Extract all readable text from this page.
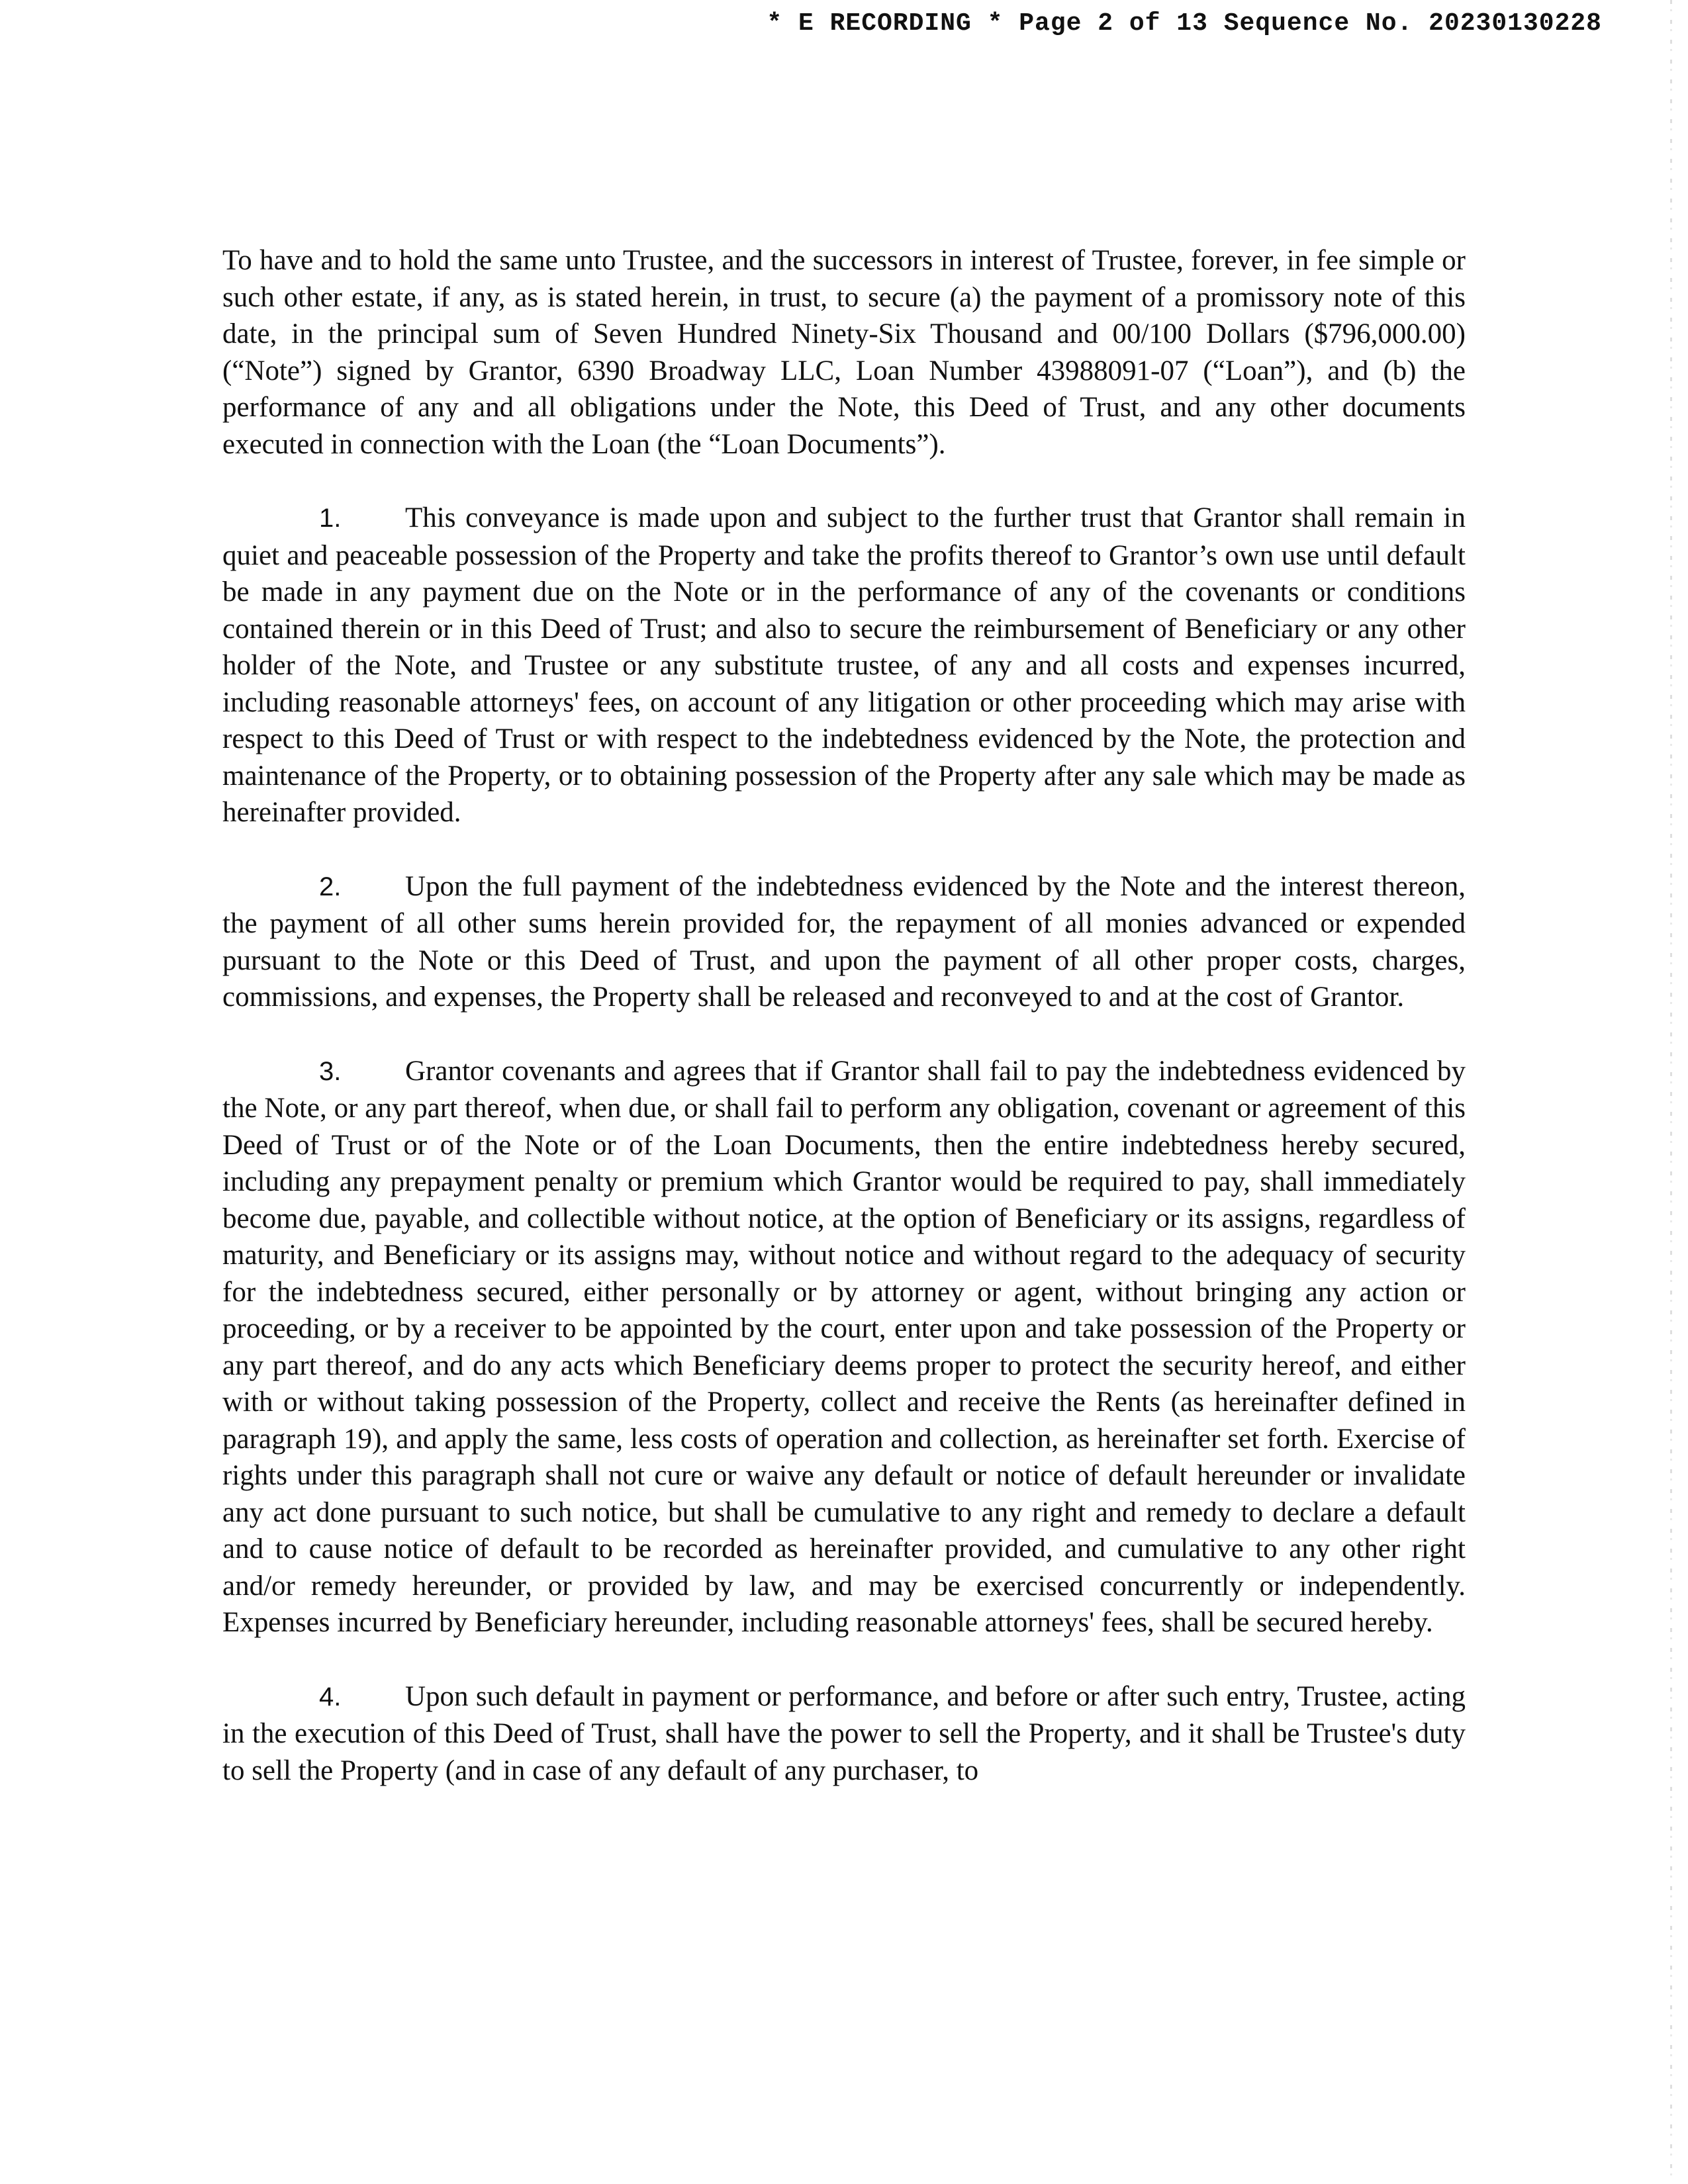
* E RECORDING * Page 2 of 13 Sequence No. 20230130228

To have and to hold the same unto Trustee, and the successors in interest of Trustee, forever, in fee simple or such other estate, if any, as is stated herein, in trust, to secure (a) the payment of a promissory note of this date, in the principal sum of Seven Hundred Ninety-Six Thousand and 00/100 Dollars ($796,000.00) (“Note”) signed by Grantor, 6390 Broadway LLC, Loan Number 43988091-07 (“Loan”), and (b) the performance of any and all obligations under the Note, this Deed of Trust, and any other documents executed in connection with the Loan (the “Loan Documents”).

1. This conveyance is made upon and subject to the further trust that Grantor shall remain in quiet and peaceable possession of the Property and take the profits thereof to Grantor’s own use until default be made in any payment due on the Note or in the performance of any of the covenants or conditions contained therein or in this Deed of Trust; and also to secure the reimbursement of Beneficiary or any other holder of the Note, and Trustee or any substitute trustee, of any and all costs and expenses incurred, including reasonable attorneys' fees, on account of any litigation or other proceeding which may arise with respect to this Deed of Trust or with respect to the indebtedness evidenced by the Note, the protection and maintenance of the Property, or to obtaining possession of the Property after any sale which may be made as hereinafter provided.

2. Upon the full payment of the indebtedness evidenced by the Note and the interest thereon, the payment of all other sums herein provided for, the repayment of all monies advanced or expended pursuant to the Note or this Deed of Trust, and upon the payment of all other proper costs, charges, commissions, and expenses, the Property shall be released and reconveyed to and at the cost of Grantor.

3. Grantor covenants and agrees that if Grantor shall fail to pay the indebtedness evidenced by the Note, or any part thereof, when due, or shall fail to perform any obligation, covenant or agreement of this Deed of Trust or of the Note or of the Loan Documents, then the entire indebtedness hereby secured, including any prepayment penalty or premium which Grantor would be required to pay, shall immediately become due, payable, and collectible without notice, at the option of Beneficiary or its assigns, regardless of maturity, and Beneficiary or its assigns may, without notice and without regard to the adequacy of security for the indebtedness secured, either personally or by attorney or agent, without bringing any action or proceeding, or by a receiver to be appointed by the court, enter upon and take possession of the Property or any part thereof, and do any acts which Beneficiary deems proper to protect the security hereof, and either with or without taking possession of the Property, collect and receive the Rents (as hereinafter defined in paragraph 19), and apply the same, less costs of operation and collection, as hereinafter set forth. Exercise of rights under this paragraph shall not cure or waive any default or notice of default hereunder or invalidate any act done pursuant to such notice, but shall be cumulative to any right and remedy to declare a default and to cause notice of default to be recorded as hereinafter provided, and cumulative to any other right and/or remedy hereunder, or provided by law, and may be exercised concurrently or independently. Expenses incurred by Beneficiary hereunder, including reasonable attorneys' fees, shall be secured hereby.

4. Upon such default in payment or performance, and before or after such entry, Trustee, acting in the execution of this Deed of Trust, shall have the power to sell the Property, and it shall be Trustee's duty to sell the Property (and in case of any default of any purchaser, to
